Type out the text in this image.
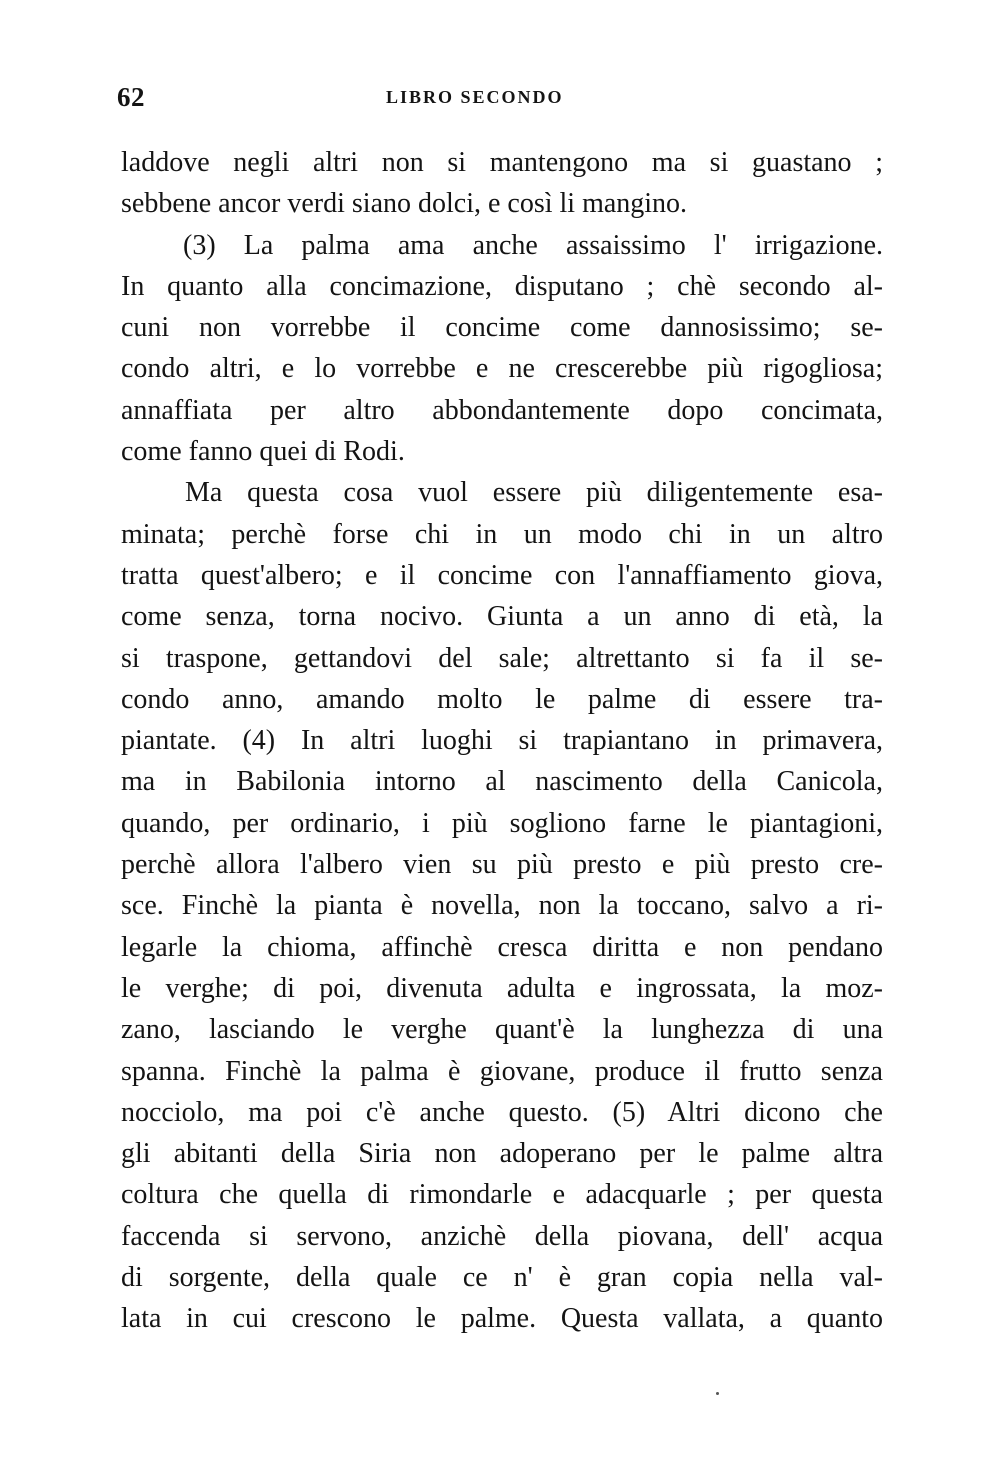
62	LIBRO SECONDO
laddove negli altri non si mantengono ma si guastano ;
sebbene ancor verdi siano dolci, e così li mangino.
(3) La palma ama anche assaissimo l' irrigazione.
In quanto alla concimazione, disputano ; chè secondo al-
cuni non vorrebbe il concime come dannosissimo; se-
condo altri, e lo vorrebbe e ne crescerebbe più rigogliosa;
annaffiata per altro abbondantemente dopo concimata,
come fanno quei di Rodi.
Ma questa cosa vuol essere più diligentemente esa-
minata; perchè forse chi in un modo chi in un altro
tratta quest'albero; e il concime con l'annaffiamento giova,
come senza, torna nocivo. Giunta a un anno di età, la
si traspone, gettandovi del sale; altrettanto si fa il se-
condo anno, amando molto le palme di essere tra-
piantate. (4) In altri luoghi si trapiantano in primavera,
ma in Babilonia intorno al nascimento della Canicola,
quando, per ordinario, i più sogliono farne le piantagioni,
perchè allora l'albero vien su più presto e più presto cre-
sce. Finchè la pianta è novella, non la toccano, salvo a ri-
legarle la chioma, affinchè cresca diritta e non pendano
le verghe; di poi, divenuta adulta e ingrossata, la moz-
zano, lasciando le verghe quant'è la lunghezza di una
spanna. Finchè la palma è giovane, produce il frutto senza
nocciolo, ma poi c'è anche questo. (5) Altri dicono che
gli abitanti della Siria non adoperano per le palme altra
coltura che quella di rimondarle e adacquarle ; per questa
faccenda si servono, anzichè della piovana, dell' acqua
di sorgente, della quale ce n' è gran copia nella val-
lata in cui crescono le palme. Questa vallata, a quanto
